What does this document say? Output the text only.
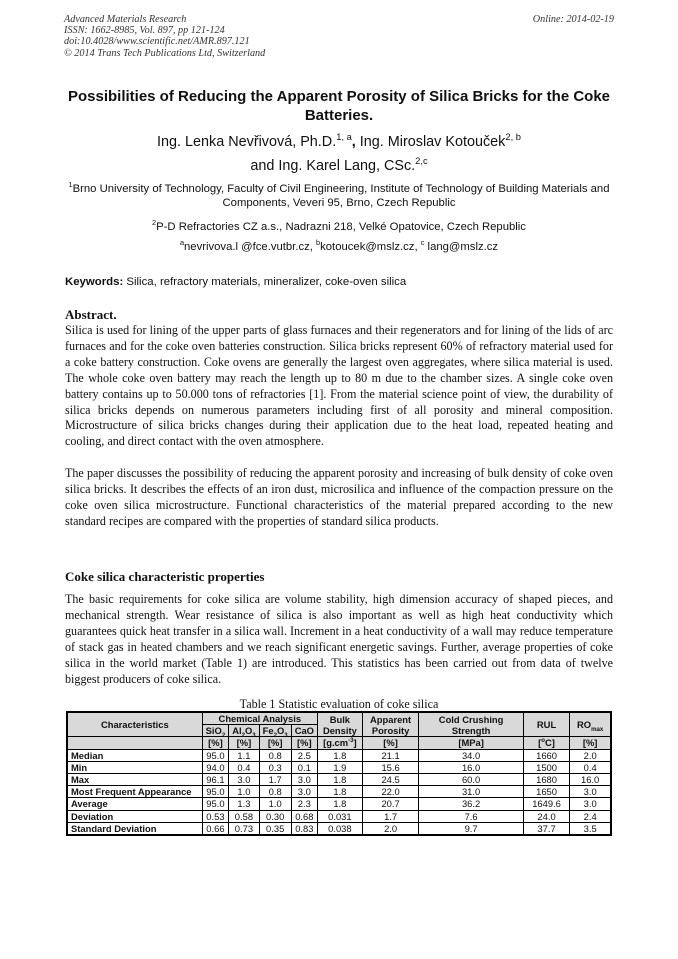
Advanced Materials Research
ISSN: 1662-8985, Vol. 897, pp 121-124
doi:10.4028/www.scientific.net/AMR.897.121
© 2014 Trans Tech Publications Ltd, Switzerland
Online: 2014-02-19
Possibilities of Reducing the Apparent Porosity of Silica Bricks for the Coke Batteries.
Ing. Lenka Nevřivová, Ph.D.$^{1, a}$, Ing. Miroslav Kotouček$^{2, b}$
and Ing. Karel Lang, CSc.$^{2,c}$
$^1$Brno University of Technology, Faculty of Civil Engineering, Institute of Technology of Building Materials and Components, Veveri 95, Brno, Czech Republic
$^2$P-D Refractories CZ a.s., Nadrazni 218, Velké Opatovice, Czech Republic
$^a$nevrivova.l @fce.vutbr.cz, $^b$kotoucek@mslz.cz, $^c$ lang@mslz.cz
Keywords: Silica, refractory materials, mineralizer, coke-oven silica
Abstract.

Silica is used for lining of the upper parts of glass furnaces and their regenerators and for lining of the lids of arc furnaces and for the coke oven batteries construction. Silica bricks represent 60% of refractory material used for a coke battery construction. Coke ovens are generally the largest oven aggregates, where silica material is used. The whole coke oven battery may reach the length up to 80 m due to the chamber sizes. A single coke oven battery contains up to 50.000 tons of refractories [1]. From the material science point of view, the durability of silica bricks depends on numerous parameters including first of all porosity and mineral composition. Microstructure of silica bricks changes during their application due to the heat load, repeated heating and cooling, and direct contact with the oven atmosphere.

The paper discusses the possibility of reducing the apparent porosity and increasing of bulk density of coke oven silica bricks. It describes the effects of an iron dust, microsilica and influence of the compaction pressure on the coke oven silica microstructure. Functional characteristics of the material prepared according to the new standard recipes are compared with the properties of standard silica products.

Coke silica characteristic properties

The basic requirements for coke silica are volume stability, high dimension accuracy of shaped pieces, and mechanical strength. Wear resistance of silica is also important as well as high heat conductivity which guarantees quick heat transfer in a silica wall. Increment in a heat conductivity of a wall may reduce temperature of stack gas in heated chambers and we reach significant energetic savings. Further, average properties of coke silica in the world market (Table 1) are introduced. This statistics has been carried out from data of twelve biggest producers of coke silica.

Table 1 Statistic evaluation of coke silica
Characteristics	Chemical Analysis				Bulk Density	Apparent Porosity	Cold Crushing Strength	RUL	$RO_{max}$
	SiO$_2$	$Al_2O_3$	$Fe_2O_3$	CaO					
	[%]	[%]	[%]	[%]	$[g.cm^{-3}]$	[%]	[MPa]	[$^o$C]	[%]
Median	95.0	1.1	0.8	2.5	1.8	21.1	34.0	1660	2.0
Min	94.0	0.4	0.3	0.1	1.9	15.6	16.0	1500	0.4
Max	96.1	3.0	1.7	3.0	1.8	24.5	60.0	1680	16.0
Most Frequent Appearance	95.0	1.0	0.8	3.0	1.8	22.0	31.0	1650	3.0
Average	95.0	1.3	1.0	2.3	1.8	20.7	36.2	1649.6	3.0
Deviation	0.53	0.58	0.30	0.68	0.031	1.7	7.6	24.0	2.4
Standard Deviation	0.66	0.73	0.35	0.83	0.038	2.0	9.7	37.7	3.5
